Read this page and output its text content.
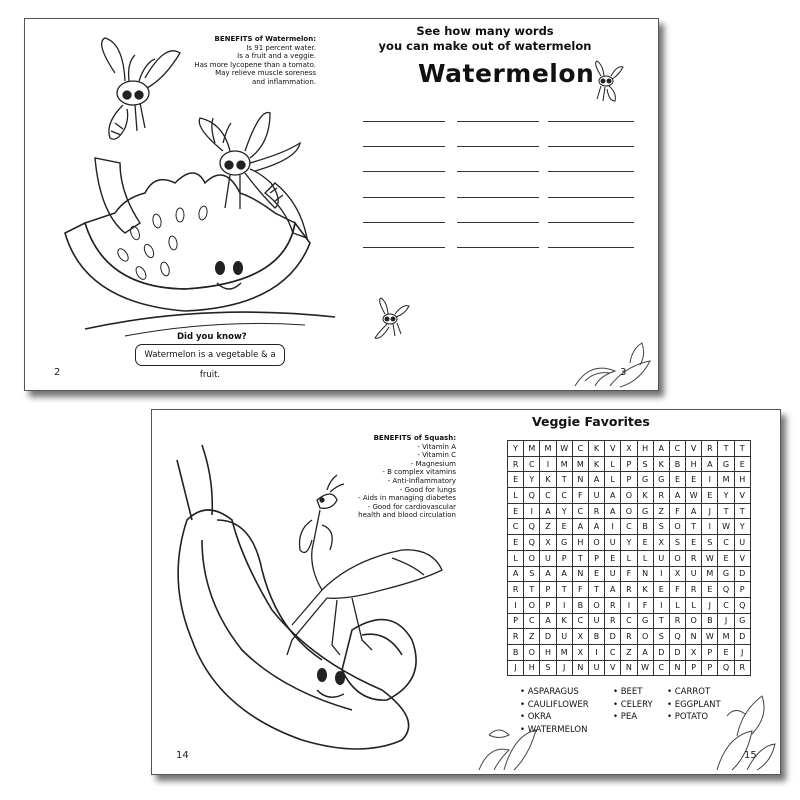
BENEFITS of Watermelon:
Is 91 percent water.
Is a fruit and a veggie.
Has more lycopene than a tomato.
May relieve muscle soreness
and inflammation.
Watermelon is a vegetable & a fruit.
Did you know?
2
See how many words
you can make out of watermelon
Watermelon
3
BENEFITS of Squash:
- Vitamin A
- Vitamin C
- Magnesium
- B complex vitamins
- Anti-Inflammatory
- Good for lungs
- Aids in managing diabetes
- Good for cardiovascular
health and blood circulation
14
Veggie Favorites
Y	M	M	W	C	K	V	X	H	A	C	V	R	T	T
R	C	I	M	M	K	L	P	S	K	B	H	A	G	E
E	Y	K	T	N	A	L	P	G	G	E	E	I	M	H
L	Q	C	C	F	U	A	O	K	R	A	W	E	Y	V
E	I	A	Y	C	R	A	O	G	Z	F	A	J	T	T
C	Q	Z	E	A	A	I	C	B	S	O	T	I	W	Y
E	Q	X	G	H	O	U	Y	E	X	S	E	S	C	U
L	O	U	P	T	P	E	L	L	U	O	R	W	E	V
A	S	A	A	N	E	U	F	N	I	X	U	M	G	D
R	T	P	T	F	T	A	R	K	E	F	R	E	Q	P
I	O	P	I	B	O	R	I	F	I	L	L	J	C	Q
P	C	A	K	C	U	R	C	G	T	R	O	B	J	G
R	Z	D	U	X	B	D	R	O	S	Q	N	W	M	D
B	O	H	M	X	I	C	Z	A	D	D	X	P	E	J
J	H	S	J	N	U	V	N	W	C	N	P	P	Q	R
• ASPARAGUS
• CAULIFLOWER
• OKRA
• WATERMELON
• BEET
• CELERY
• PEA
• CARROT
• EGGPLANT
• POTATO
15
